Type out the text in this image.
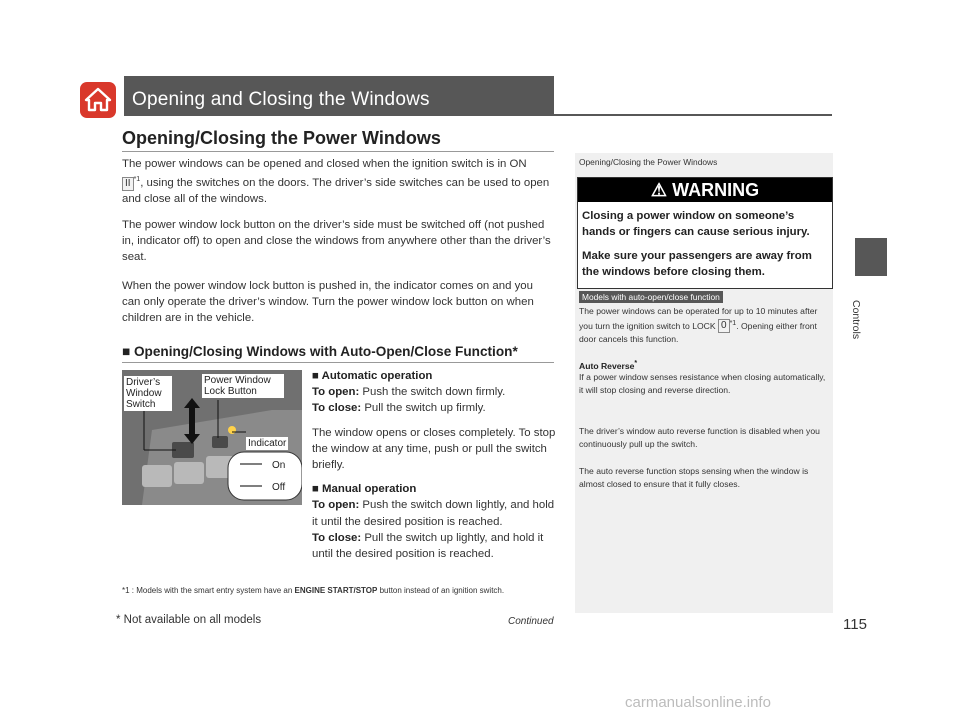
Opening and Closing the Windows
Opening/Closing the Power Windows
The power windows can be opened and closed when the ignition switch is in ON
II $^{*1}$, using the switches on the doors. The driver’s side switches can be used to open and close all of the windows.
The power window lock button on the driver’s side must be switched off (not pushed in, indicator off) to open and close the windows from anywhere other than the driver’s seat.
When the power window lock button is pushed in, the indicator comes on and you can only operate the driver’s window. Turn the power window lock button on when children are in the vehicle.
■ Opening/Closing Windows with Auto-Open/Close Function*
Driver’s Window Switch
Power Window Lock Button
Indicator
On
Off
■ Automatic operation
To open: Push the switch down firmly.
To close: Pull the switch up firmly.
The window opens or closes completely. To stop the window at any time, push or pull the switch briefly.
■ Manual operation
To open: Push the switch down lightly, and hold it until the desired position is reached.
To close: Pull the switch up lightly, and hold it until the desired position is reached.
*1 : Models with the smart entry system have an ENGINE START/STOP button instead of an ignition switch.
Opening/Closing the Power Windows
⚠ WARNING
Closing a power window on someone’s hands or fingers can cause serious injury.
Make sure your passengers are away from the windows before closing them.
Models with auto-open/close function
The power windows can be operated for up to 10 minutes after you turn the ignition switch to LOCK 0 $^{*1}$. Opening either front door cancels this function.
Auto Reverse*
If a power window senses resistance when closing automatically, it will stop closing and reverse direction.
The driver’s window auto reverse function is disabled when you continuously pull up the switch.
The auto reverse function stops sensing when the window is almost closed to ensure that it fully closes.
Controls
* Not available on all models	Continued	115
carmanualsonline.info
